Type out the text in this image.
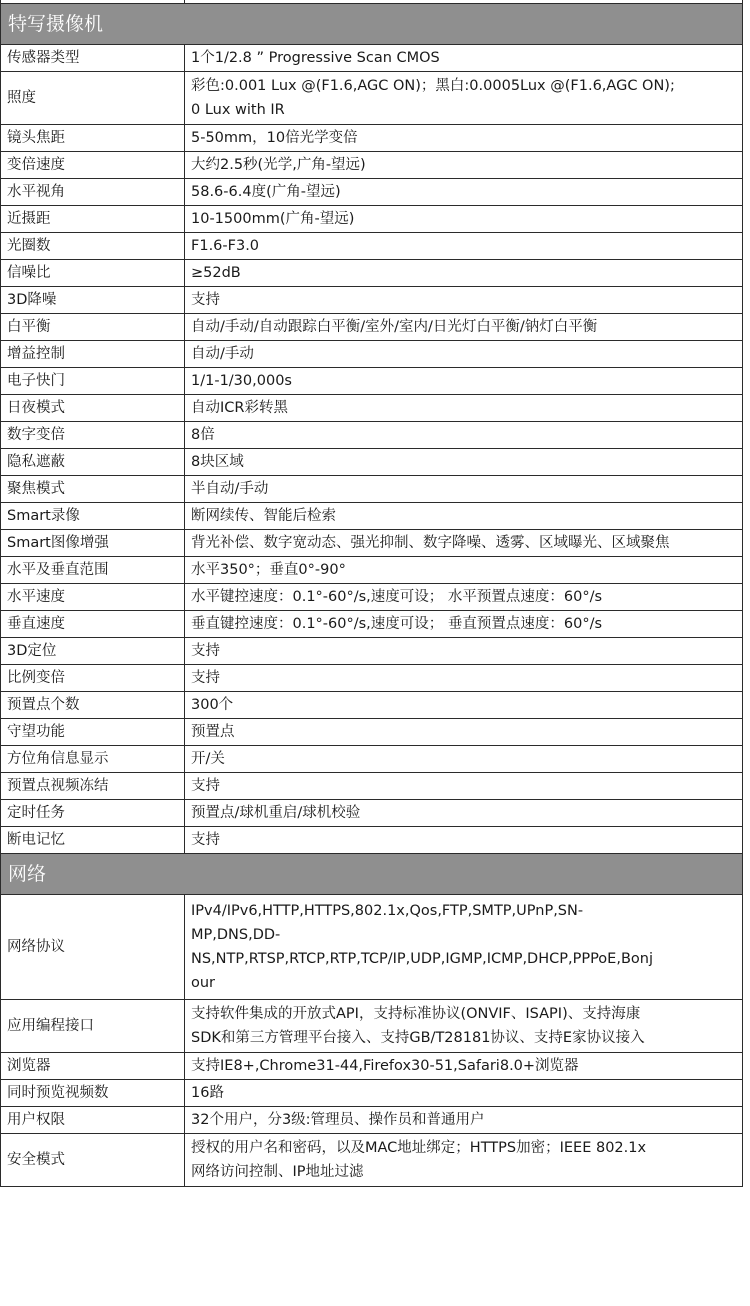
特写摄像机	
传感器类型	1个1/2.8 ” Progressive Scan CMOS

照度	彩色:0.001 Lux @(F1.6,AGC ON)；黑白:0.0005Lux @(F1.6,AGC ON);
0 Lux with IR

镜头焦距	5-50mm，10倍光学变倍

变倍速度	大约2.5秒(光学,广角-望远)

水平视角	58.6-6.4度(广角-望远)

近摄距	10-1500mm(广角-望远)

光圈数	F1.6-F3.0

信噪比	≥52dB

3D降噪	支持

白平衡	自动/手动/自动跟踪白平衡/室外/室内/日光灯白平衡/钠灯白平衡

增益控制	自动/手动

电子快门	1/1-1/30,000s

日夜模式	自动ICR彩转黑

数字变倍	8倍

隐私遮蔽	8块区域

聚焦模式	半自动/手动

Smart录像	断网续传、智能后检索

Smart图像增强	背光补偿、数字宽动态、强光抑制、数字降噪、透雾、区域曝光、区域聚焦

水平及垂直范围	水平350°；垂直0°-90°

水平速度	水平键控速度：0.1°-60°/s,速度可设； 水平预置点速度：60°/s

垂直速度	垂直键控速度：0.1°-60°/s,速度可设； 垂直预置点速度：60°/s

3D定位	支持

比例变倍	支持

预置点个数	300个

守望功能	预置点

方位角信息显示	开/关

预置点视频冻结	支持

定时任务	预置点/球机重启/球机校验

断电记忆	支持

网络	
网络协议	IPv4/IPv6,HTTP,HTTPS,802.1x,Qos,FTP,SMTP,UPnP,SN-
MP,DNS,DD-
NS,NTP,RTSP,RTCP,RTP,TCP/IP,UDP,IGMP,ICMP,DHCP,PPPoE,Bonj
our

应用编程接口	支持软件集成的开放式API，支持标准协议(ONVIF、ISAPI)、支持海康
SDK和第三方管理平台接入、支持GB/T28181协议、支持E家协议接入

浏览器	支持IE8+,Chrome31-44,Firefox30-51,Safari8.0+浏览器

同时预览视频数	16路

用户权限	32个用户，分3级:管理员、操作员和普通用户

安全模式	授权的用户名和密码，以及MAC地址绑定；HTTPS加密；IEEE 802.1x
网络访问控制、IP地址过滤
